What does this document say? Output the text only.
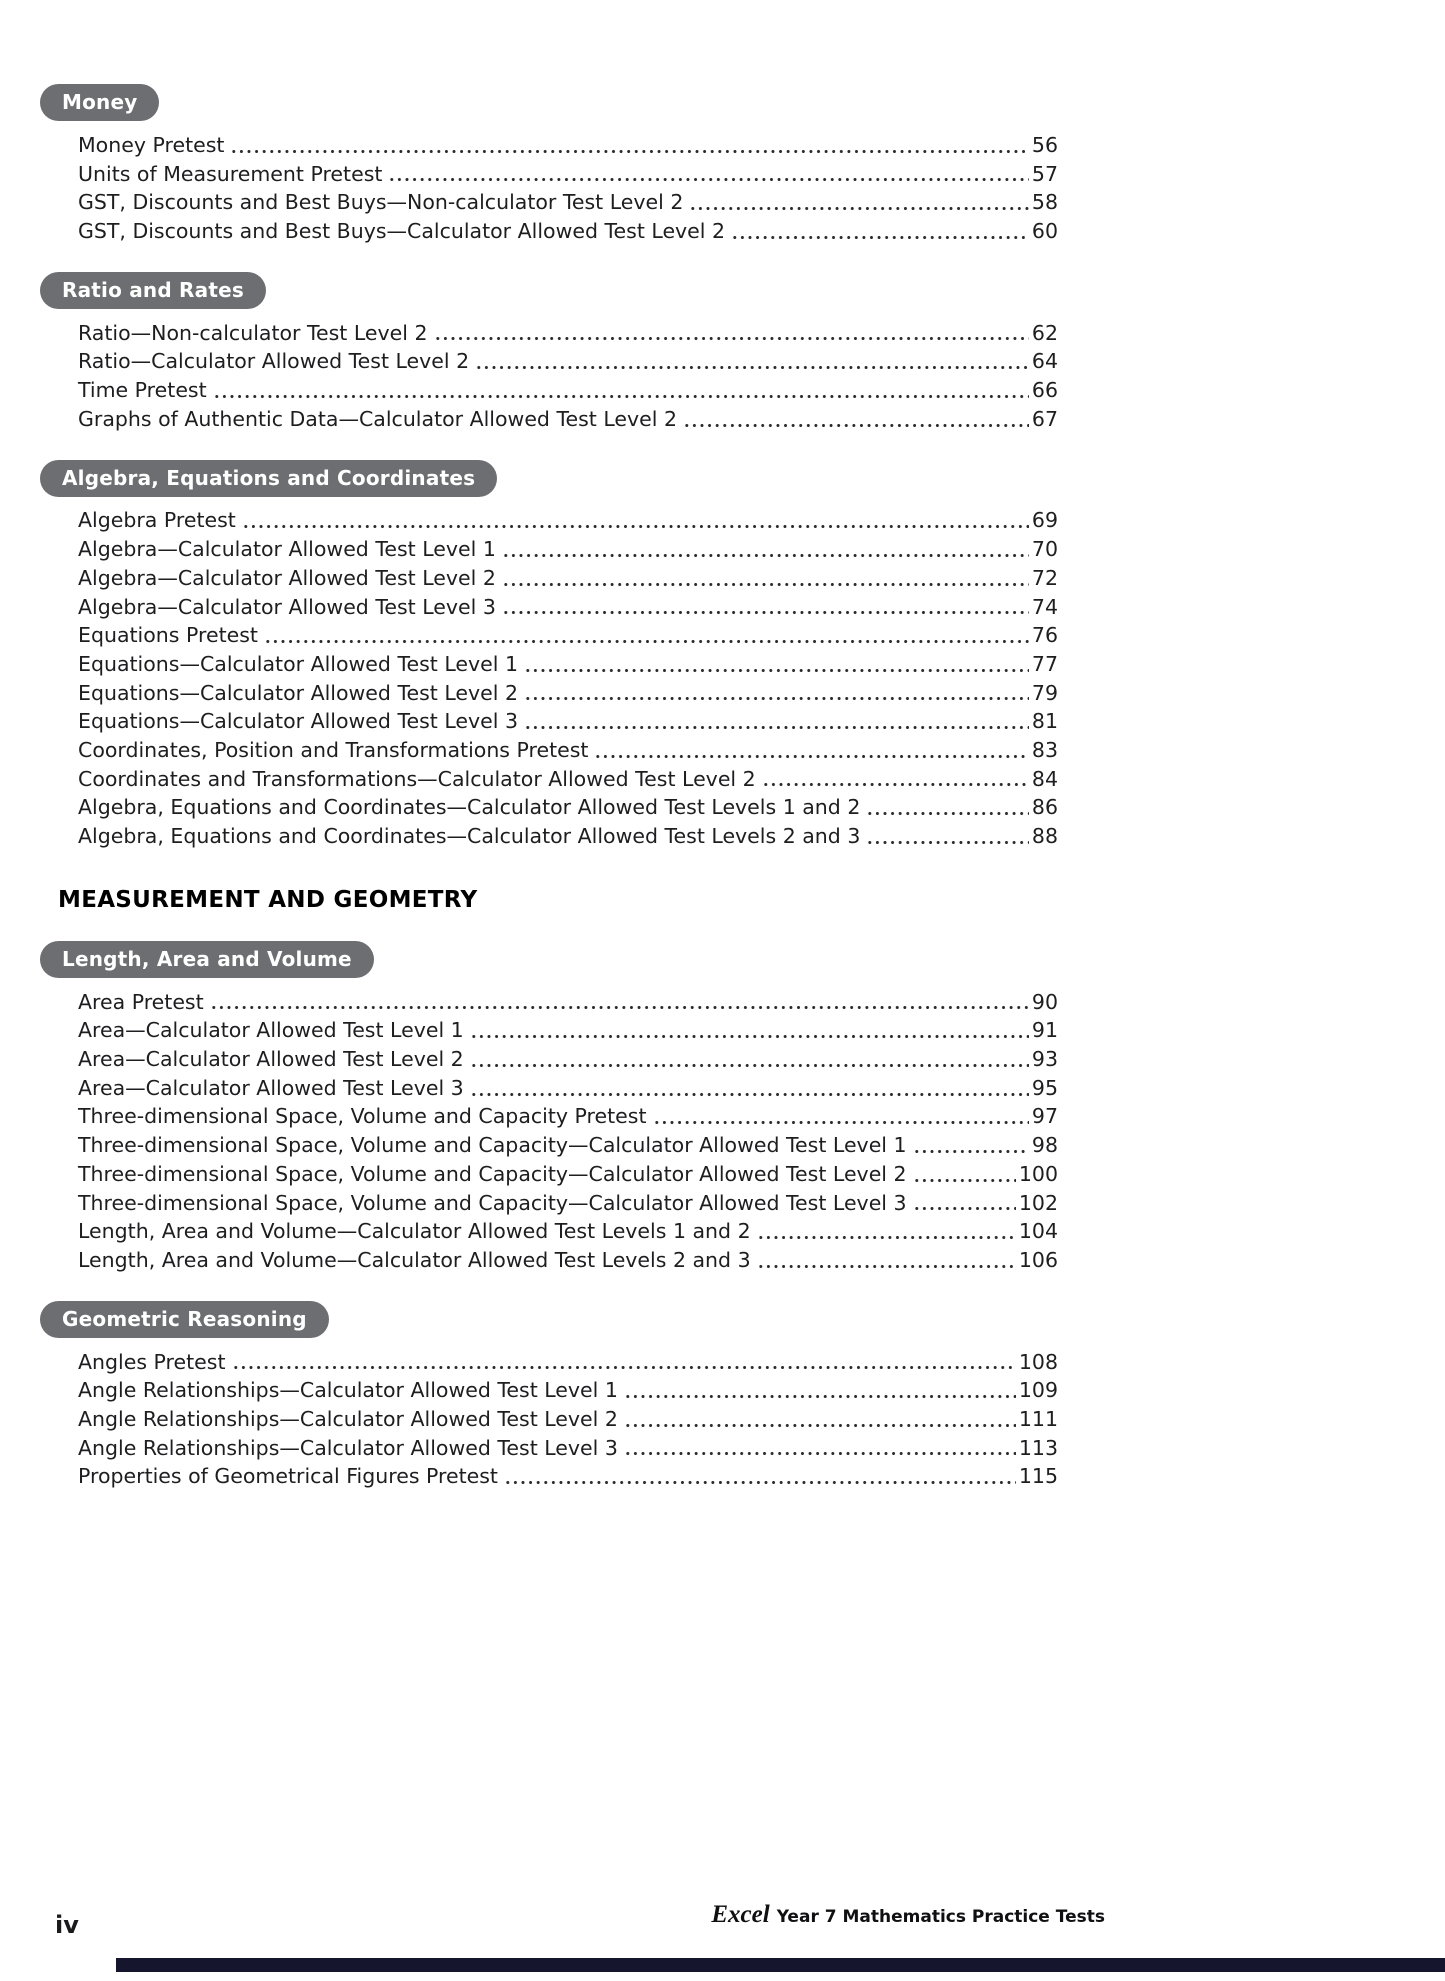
Money
Money Pretest	56
Units of Measurement Pretest	57
GST, Discounts and Best Buys—Non-calculator Test Level 2	58
GST, Discounts and Best Buys—Calculator Allowed Test Level 2	60
Ratio and Rates
Ratio—Non-calculator Test Level 2	62
Ratio—Calculator Allowed Test Level 2	64
Time Pretest	66
Graphs of Authentic Data—Calculator Allowed Test Level 2	67
Algebra, Equations and Coordinates
Algebra Pretest	69
Algebra—Calculator Allowed Test Level 1	70
Algebra—Calculator Allowed Test Level 2	72
Algebra—Calculator Allowed Test Level 3	74
Equations Pretest	76
Equations—Calculator Allowed Test Level 1	77
Equations—Calculator Allowed Test Level 2	79
Equations—Calculator Allowed Test Level 3	81
Coordinates, Position and Transformations Pretest	83
Coordinates and Transformations—Calculator Allowed Test Level 2	84
Algebra, Equations and Coordinates—Calculator Allowed Test Levels 1 and 2	86
Algebra, Equations and Coordinates—Calculator Allowed Test Levels 2 and 3	88
MEASUREMENT AND GEOMETRY
Length, Area and Volume
Area Pretest	90
Area—Calculator Allowed Test Level 1	91
Area—Calculator Allowed Test Level 2	93
Area—Calculator Allowed Test Level 3	95
Three-dimensional Space, Volume and Capacity Pretest	97
Three-dimensional Space, Volume and Capacity—Calculator Allowed Test Level 1	98
Three-dimensional Space, Volume and Capacity—Calculator Allowed Test Level 2	100
Three-dimensional Space, Volume and Capacity—Calculator Allowed Test Level 3	102
Length, Area and Volume—Calculator Allowed Test Levels 1 and 2	104
Length, Area and Volume—Calculator Allowed Test Levels 2 and 3	106
Geometric Reasoning
Angles Pretest	108
Angle Relationships—Calculator Allowed Test Level 1	109
Angle Relationships—Calculator Allowed Test Level 2	111
Angle Relationships—Calculator Allowed Test Level 3	113
Properties of Geometrical Figures Pretest	115
iv	Excel Year 7 Mathematics Practice Tests
